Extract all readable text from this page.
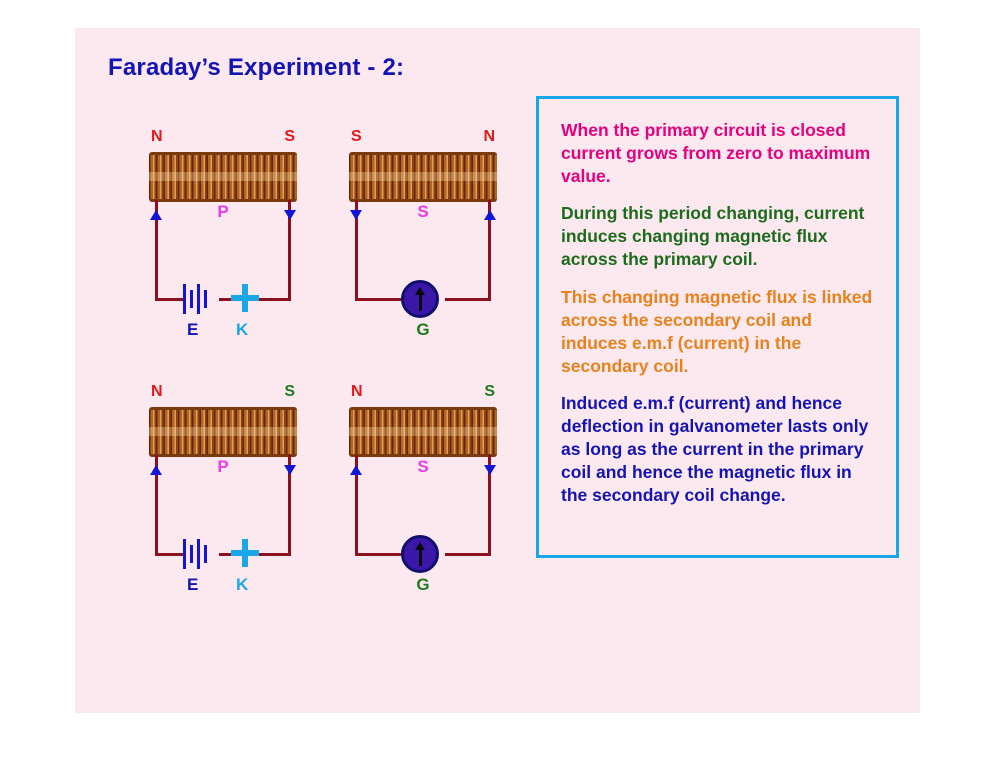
Faraday’s Experiment - 2:
N	S
P
E K
S	N
S
G
N	S
P
E K
N	S
S
G
When the primary circuit is closed current grows from zero to maximum value.
During this period changing, current induces changing magnetic flux across the primary coil.
This changing magnetic flux is linked across the secondary coil and induces e.m.f (current) in the secondary coil.
Induced e.m.f (current) and hence deflection in galvanometer lasts only as long as the current in the primary coil and hence the magnetic flux in the secondary coil change.
